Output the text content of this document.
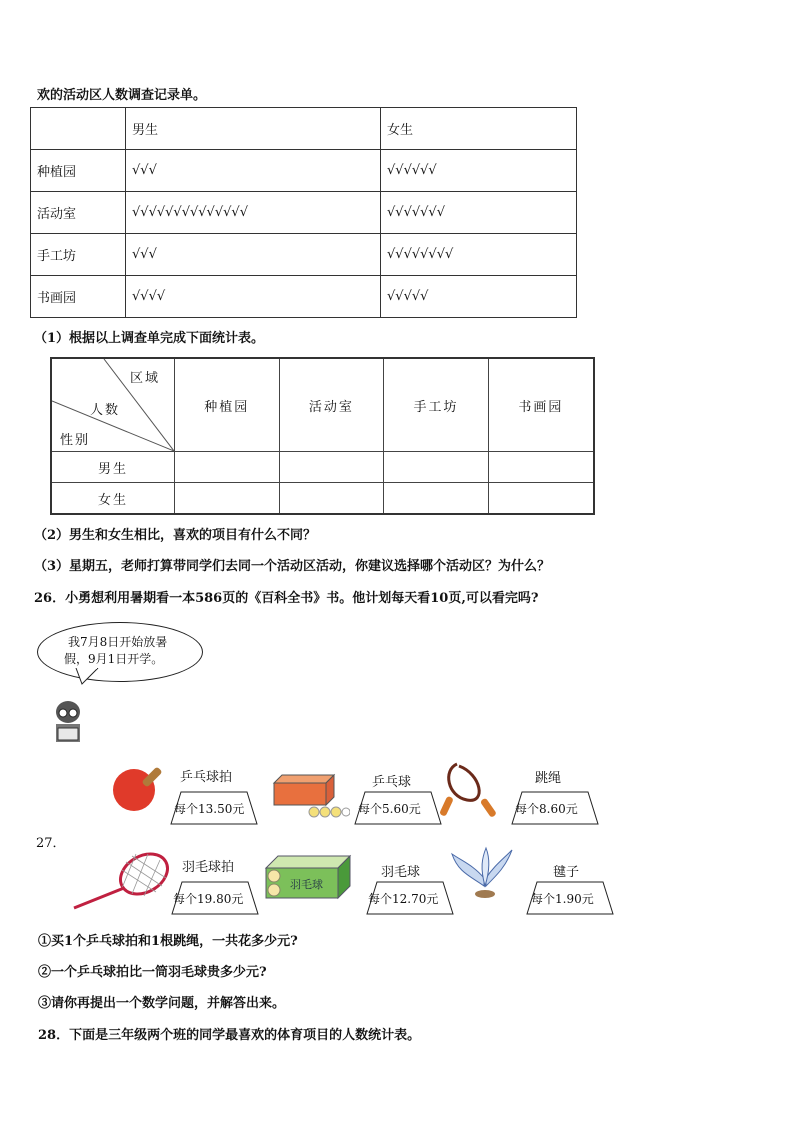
欢的活动区人数调查记录单。
	男生	女生
种植园	√√√	√√√√√√
活动室	√√√√√√√√√√√√√√	√√√√√√√
手工坊	√√√	√√√√√√√√
书画园	√√√√	√√√√√
（1）根据以上调查单完成下面统计表。
区域
人数
性别	种植园	活动室	手工坊	书画园
男生				
女生				
（2）男生和女生相比，喜欢的项目有什么不同？
（3）星期五，老师打算带同学们去同一个活动区活动，你建议选择哪个活动区？为什么？
26．小勇想利用暑期看一本586页的《百科全书》书。他计划每天看10页,可以看完吗?
我7月8日开始放暑
假，9月1日开学。
乒乓球拍
每个13.50元
乒乓球
每个5.60元
跳绳
每个8.60元
27．
羽毛球拍
每个19.80元
羽毛球
羽毛球
每个12.70元
毽子
每个1.90元
①买1个乒乓球拍和1根跳绳，一共花多少元?
②一个乒乓球拍比一筒羽毛球贵多少元?
③请你再提出一个数学问题，并解答出来。
28．下面是三年级两个班的同学最喜欢的体育项目的人数统计表。
